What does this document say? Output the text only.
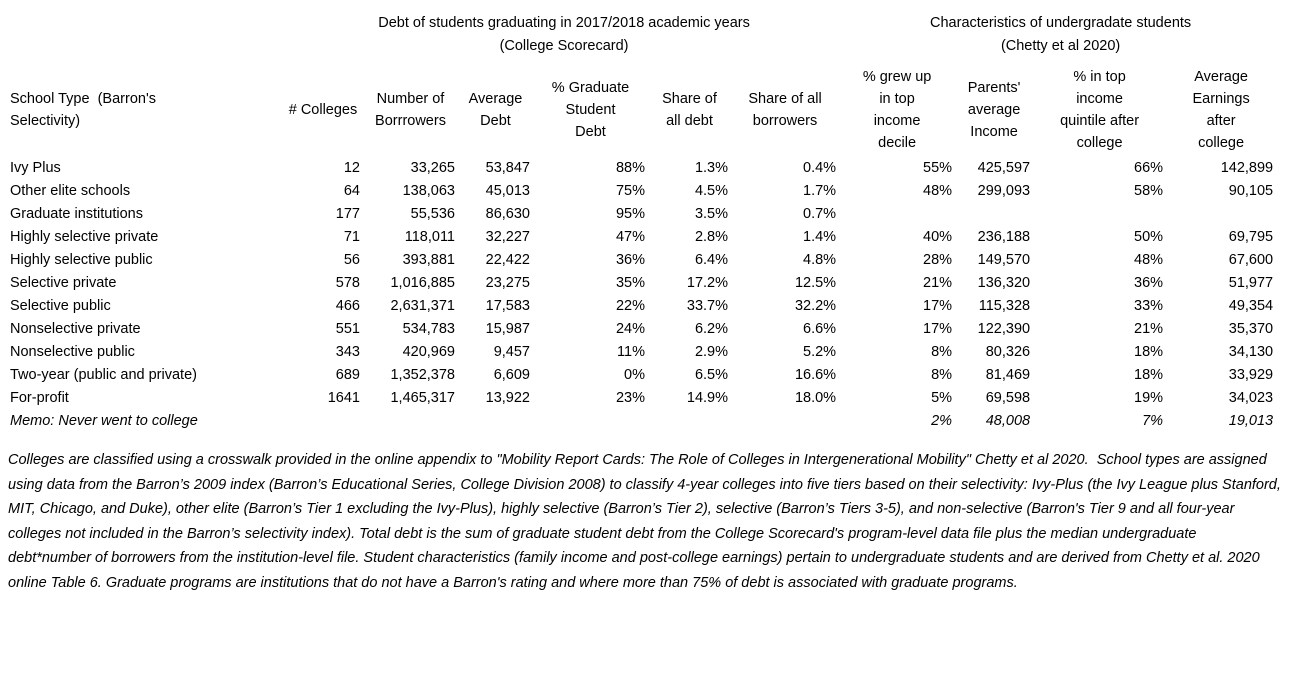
Debt of students graduating in 2017/2018 academic years
(College Scorecard)

Characteristics of undergradate students
(Chetty et al 2020)

School Type  (Barron's Selectivity)	# Colleges	Number of Borrrowers	Average Debt	% Graduate Student Debt	Share of all debt	Share of all borrowers	% grew up in top income decile	Parents' average Income	% in top income quintile after college	Average Earnings after college
Ivy Plus	12	33,265	53,847	88%	1.3%	0.4%	55%	425,597	66%	142,899
Other elite schools	64	138,063	45,013	75%	4.5%	1.7%	48%	299,093	58%	90,105
Graduate institutions	177	55,536	86,630	95%	3.5%	0.7%				
Highly selective private	71	118,011	32,227	47%	2.8%	1.4%	40%	236,188	50%	69,795
Highly selective public	56	393,881	22,422	36%	6.4%	4.8%	28%	149,570	48%	67,600
Selective private	578	1,016,885	23,275	35%	17.2%	12.5%	21%	136,320	36%	51,977
Selective public	466	2,631,371	17,583	22%	33.7%	32.2%	17%	115,328	33%	49,354
Nonselective private	551	534,783	15,987	24%	6.2%	6.6%	17%	122,390	21%	35,370
Nonselective public	343	420,969	9,457	11%	2.9%	5.2%	8%	80,326	18%	34,130
Two-year (public and private)	689	1,352,378	6,609	0%	6.5%	16.6%	8%	81,469	18%	33,929
For-profit	1641	1,465,317	13,922	23%	14.9%	18.0%	5%	69,598	19%	34,023
Memo: Never went to college							2%	48,008	7%	19,013
Colleges are classified using a crosswalk provided in the online appendix to "Mobility Report Cards: The Role of Colleges in Intergenerational Mobility" Chetty et al 2020.  School types are assigned using data from the Barron’s 2009 index (Barron’s Educational Series, College Division 2008) to classify 4-year colleges into five tiers based on their selectivity: Ivy-Plus (the Ivy League plus Stanford, MIT, Chicago, and Duke), other elite (Barron’s Tier 1 excluding the Ivy-Plus), highly selective (Barron’s Tier 2), selective (Barron’s Tiers 3-5), and non-selective (Barron's Tier 9 and all four-year colleges not included in the Barron’s selectivity index). Total debt is the sum of graduate student debt from the College Scorecard's program-level data file plus the median undergraduate debt*number of borrowers from the institution-level file. Student characteristics (family income and post-college earnings) pertain to undergraduate students and are derived from Chetty et al. 2020 online Table 6. Graduate programs are institutions that do not have a Barron's rating and where more than 75% of debt is associated with graduate programs.
